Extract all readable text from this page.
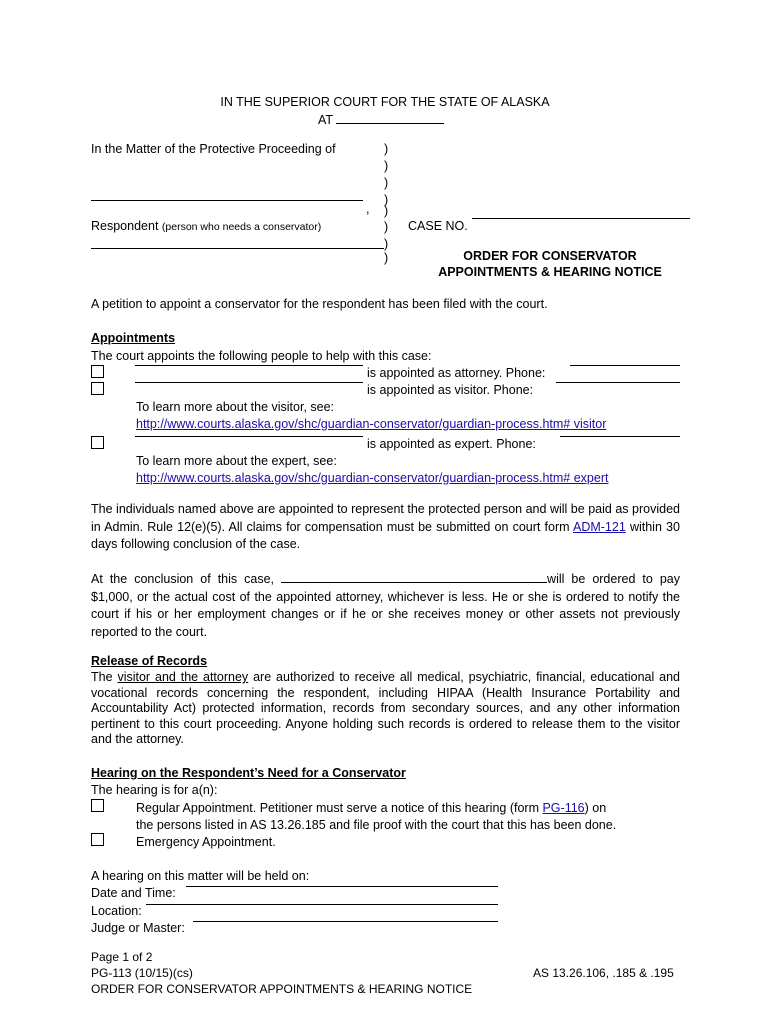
IN THE SUPERIOR COURT FOR THE STATE OF ALASKA
AT
In the Matter of the Protective Proceeding of	)
)
)
)
)
)
)
)
,
Respondent (person who needs a conservator)	CASE NO.
ORDER FOR CONSERVATOR
APPOINTMENTS & HEARING NOTICE
A petition to appoint a conservator for the respondent has been filed with the court.
Appointments
The court appoints the following people to help with this case:
is appointed as attorney. Phone:
is appointed as visitor. Phone:
To learn more about the visitor, see:
http://www.courts.alaska.gov/shc/guardian-conservator/guardian-process.htm# visitor
is appointed as expert. Phone:
To learn more about the expert, see:
http://www.courts.alaska.gov/shc/guardian-conservator/guardian-process.htm# expert
The individuals named above are appointed to represent the protected person and will be paid as provided in Admin. Rule 12(e)(5). All claims for compensation must be submitted on court form ADM-121 within 30 days following conclusion of the case.
At the conclusion of this case,	will be ordered to pay $1,000, or the actual cost of the appointed attorney, whichever is less. He or she is ordered to notify the court if his or her employment changes or if he or she receives money or other assets not previously reported to the court.
Release of Records
The visitor and the attorney are authorized to receive all medical, psychiatric, financial, educational and vocational records concerning the respondent, including HIPAA (Health Insurance Portability and Accountability Act) protected information, records from secondary sources, and any other information pertinent to this court proceeding. Anyone holding such records is ordered to release them to the visitor and the attorney.
Hearing on the Respondent’s Need for a Conservator
The hearing is for a(n):
Regular Appointment. Petitioner must serve a notice of this hearing (form PG-116) on
the persons listed in AS 13.26.185 and file proof with the court that this has been done.
Emergency Appointment.
A hearing on this matter will be held on:
Date and Time:
Location:
Judge or Master:
Page 1 of 2
PG-113 (10/15)(cs)	AS 13.26.106, .185 & .195
ORDER FOR CONSERVATOR APPOINTMENTS & HEARING NOTICE
